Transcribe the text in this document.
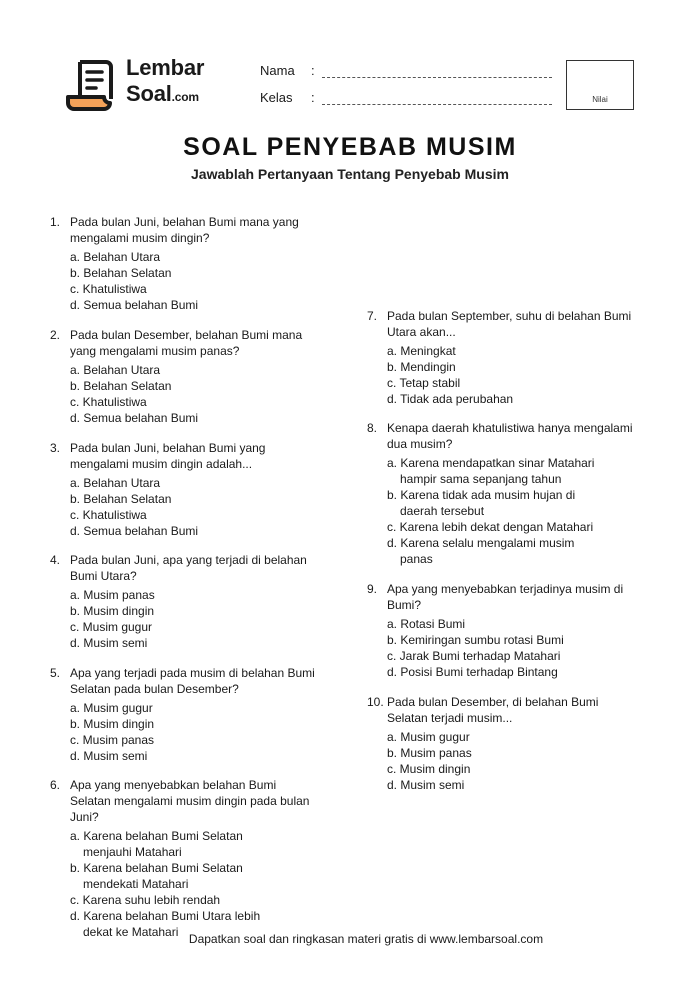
Lembar
Soal.com
Nama :
Kelas :	Nilai
SOAL PENYEBAB MUSIM
Jawablah Pertanyaan Tentang Penyebab Musim
1. Pada bulan Juni, belahan Bumi mana yang
mengalami musim dingin?
a. Belahan Utara
b. Belahan Selatan
c. Khatulistiwa
d. Semua belahan Bumi
2. Pada bulan Desember, belahan Bumi mana
yang mengalami musim panas?
a. Belahan Utara
b. Belahan Selatan
c. Khatulistiwa
d. Semua belahan Bumi
3. Pada bulan Juni, belahan Bumi yang
mengalami musim dingin adalah...
a. Belahan Utara
b. Belahan Selatan
c. Khatulistiwa
d. Semua belahan Bumi
4. Pada bulan Juni, apa yang terjadi di belahan
Bumi Utara?
a. Musim panas
b. Musim dingin
c. Musim gugur
d. Musim semi
5. Apa yang terjadi pada musim di belahan Bumi
Selatan pada bulan Desember?
a. Musim gugur
b. Musim dingin
c. Musim panas
d. Musim semi
6. Apa yang menyebabkan belahan Bumi
Selatan mengalami musim dingin pada bulan
Juni?
a. Karena belahan Bumi Selatan
menjauhi Matahari
b. Karena belahan Bumi Selatan
mendekati Matahari
c. Karena suhu lebih rendah
d. Karena belahan Bumi Utara lebih
dekat ke Matahari
7. Pada bulan September, suhu di belahan Bumi
Utara akan...
a. Meningkat
b. Mendingin
c. Tetap stabil
d. Tidak ada perubahan
8. Kenapa daerah khatulistiwa hanya mengalami
dua musim?
a. Karena mendapatkan sinar Matahari
hampir sama sepanjang tahun
b. Karena tidak ada musim hujan di
daerah tersebut
c. Karena lebih dekat dengan Matahari
d. Karena selalu mengalami musim
panas
9. Apa yang menyebabkan terjadinya musim di
Bumi?
a. Rotasi Bumi
b. Kemiringan sumbu rotasi Bumi
c. Jarak Bumi terhadap Matahari
d. Posisi Bumi terhadap Bintang
10. Pada bulan Desember, di belahan Bumi
Selatan terjadi musim...
a. Musim gugur
b. Musim panas
c. Musim dingin
d. Musim semi
Dapatkan soal dan ringkasan materi gratis di www.lembarsoal.com
